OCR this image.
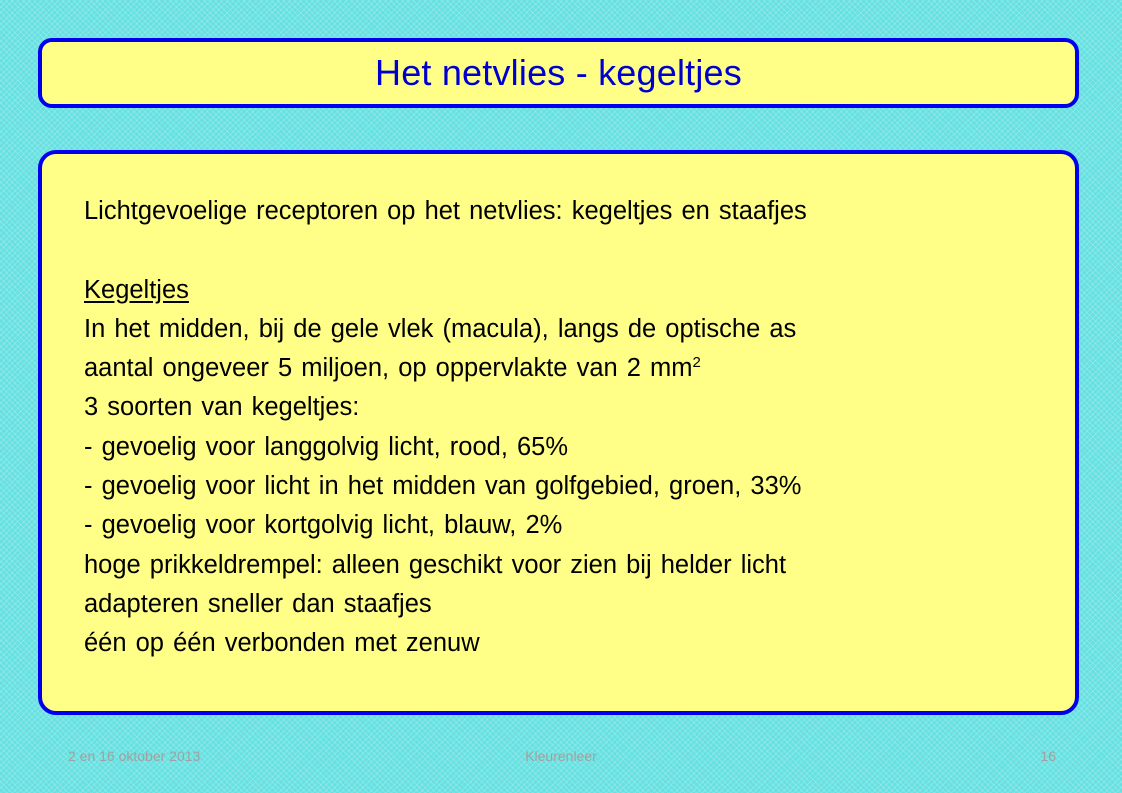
Het netvlies - kegeltjes
Lichtgevoelige receptoren op het netvlies: kegeltjes en staafjes
Kegeltjes
In het midden, bij de gele vlek (macula), langs de optische as
aantal ongeveer 5 miljoen, op oppervlakte van 2 $mm^2$
3 soorten van kegeltjes:
- gevoelig voor langgolvig licht, rood, 65%
- gevoelig voor licht in het midden van golfgebied, groen, 33%
- gevoelig voor kortgolvig licht, blauw, 2%
hoge prikkeldrempel: alleen geschikt voor zien bij helder licht
adapteren sneller dan staafjes
één op één verbonden met zenuw
2 en 16 oktober 2013	Kleurenleer	16
